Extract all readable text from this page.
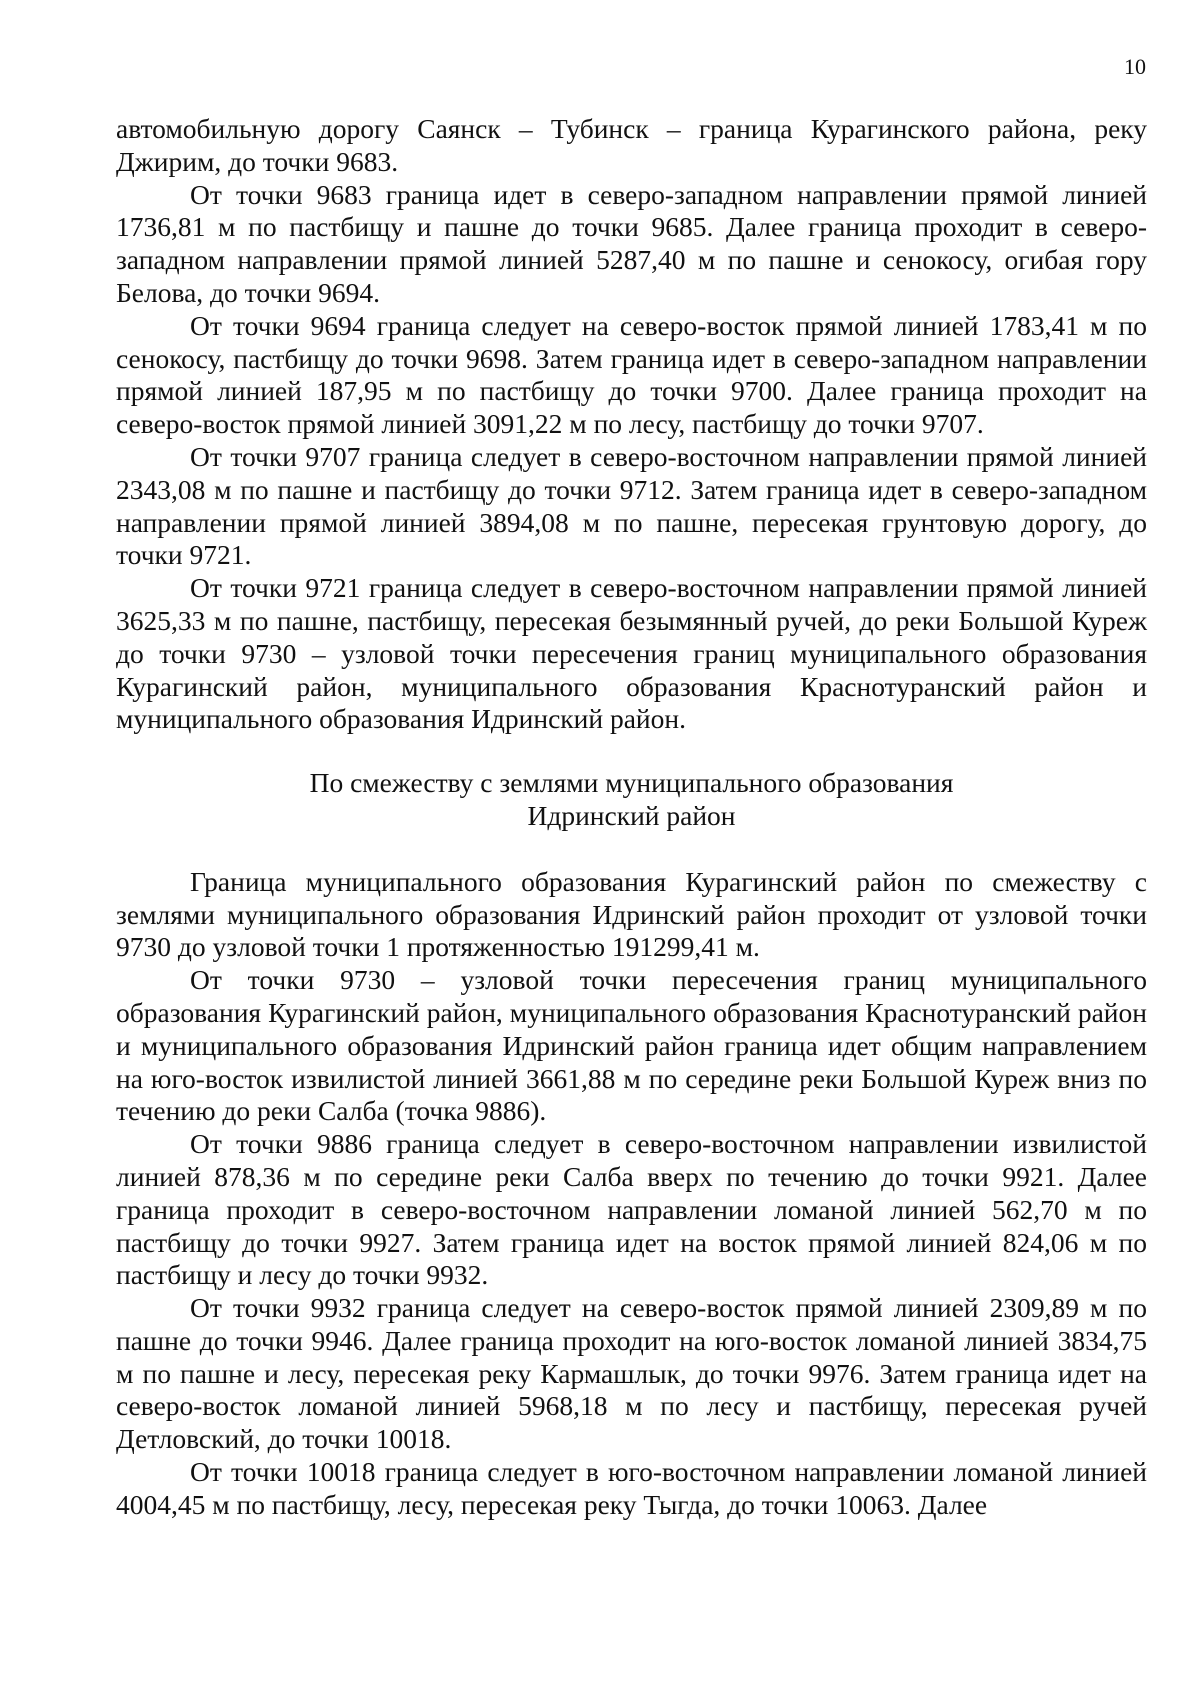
10

автомобильную дорогу Саянск – Тубинск – граница Курагинского района, реку Джирим, до точки 9683.

От точки 9683 граница идет в северо-западном направлении прямой линией 1736,81 м по пастбищу и пашне до точки 9685. Далее граница проходит в северо-западном направлении прямой линией 5287,40 м по пашне и сенокосу, огибая гору Белова, до точки 9694.

От точки 9694 граница следует на северо-восток прямой линией 1783,41 м по сенокосу, пастбищу до точки 9698. Затем граница идет в северо-западном направлении прямой линией 187,95 м по пастбищу до точки 9700. Далее граница проходит на северо-восток прямой линией 3091,22 м по лесу, пастбищу до точки 9707.

От точки 9707 граница следует в северо-восточном направлении прямой линией 2343,08 м по пашне и пастбищу до точки 9712. Затем граница идет в северо-западном направлении прямой линией 3894,08 м по пашне, пересекая грунтовую дорогу, до точки 9721.

От точки 9721 граница следует в северо-восточном направлении прямой линией 3625,33 м по пашне, пастбищу, пересекая безымянный ручей, до реки Большой Куреж до точки 9730 – узловой точки пересечения границ муниципального образования Курагинский район, муниципального образования Краснотуранский район и муниципального образования Идринский район.

По смежеству с землями муниципального образования

Идринский район

Граница муниципального образования Курагинский район по смежеству с землями муниципального образования Идринский район проходит от узловой точки 9730 до узловой точки 1 протяженностью 191299,41 м.

От точки 9730 – узловой точки пересечения границ муниципального образования Курагинский район, муниципального образования Краснотуранский район и муниципального образования Идринский район граница идет общим направлением на юго-восток извилистой линией 3661,88 м по середине реки Большой Куреж вниз по течению до реки Салба (точка 9886).

От точки 9886 граница следует в северо-восточном направлении извилистой линией 878,36 м по середине реки Салба вверх по течению до точки 9921. Далее граница проходит в северо-восточном направлении ломаной линией 562,70 м по пастбищу до точки 9927. Затем граница идет на восток прямой линией 824,06 м по пастбищу и лесу до точки 9932.

От точки 9932 граница следует на северо-восток прямой линией 2309,89 м по пашне до точки 9946. Далее граница проходит на юго-восток ломаной линией 3834,75 м по пашне и лесу, пересекая реку Кармашлык, до точки 9976. Затем граница идет на северо-восток ломаной линией 5968,18 м по лесу и пастбищу, пересекая ручей Детловский, до точки 10018.

От точки 10018 граница следует в юго-восточном направлении ломаной линией 4004,45 м по пастбищу, лесу, пересекая реку Тыгда, до точки 10063. Далее
